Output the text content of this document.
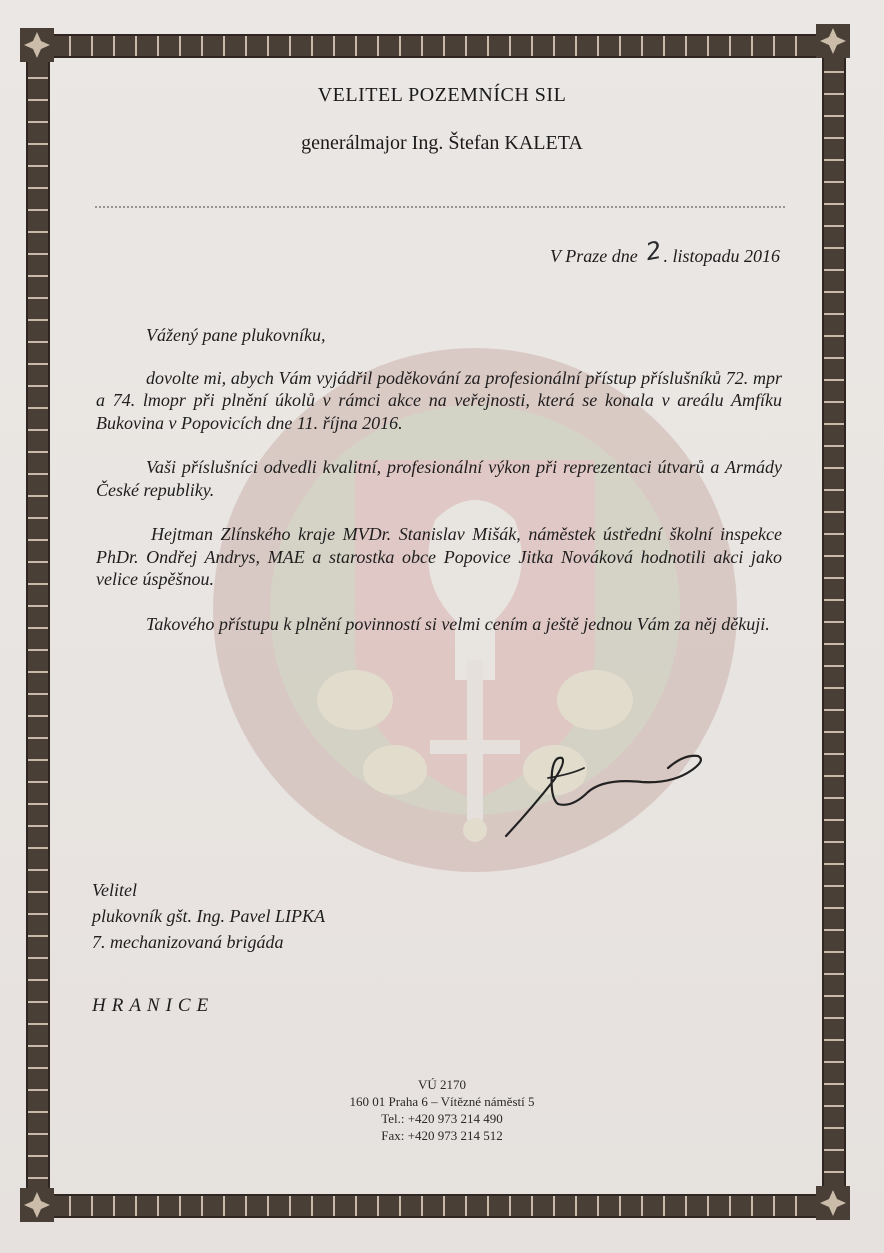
VELITEL POZEMNÍCH SIL
generálmajor Ing. Štefan KALETA
V Praze dne 2. listopadu 2016

Vážený pane plukovníku,

dovolte mi, abych Vám vyjádřil poděkování za profesionální přístup příslušníků 72. mpr a 74. lmopr při plnění úkolů v rámci akce na veřejnosti, která se konala v areálu Amfíku Bukovina v Popovicích dne 11. října 2016.

Vaši příslušníci odvedli kvalitní, profesionální výkon při reprezentaci útvarů a Armády České republiky.

Hejtman Zlínského kraje MVDr. Stanislav Mišák, náměstek ústřední školní inspekce PhDr. Ondřej Andrys, MAE a starostka obce Popovice Jitka Nováková hodnotili akci jako velice úspěšnou.

Takového přístupu k plnění povinností si velmi cením a ještě jednou Vám za něj děkuji.

Velitel
plukovník gšt. Ing. Pavel LIPKA
7. mechanizovaná brigáda
HRANICE
VÚ 2170
160 01 Praha 6 – Vítězné náměstí 5
Tel.: +420 973 214 490
Fax: +420 973 214 512
